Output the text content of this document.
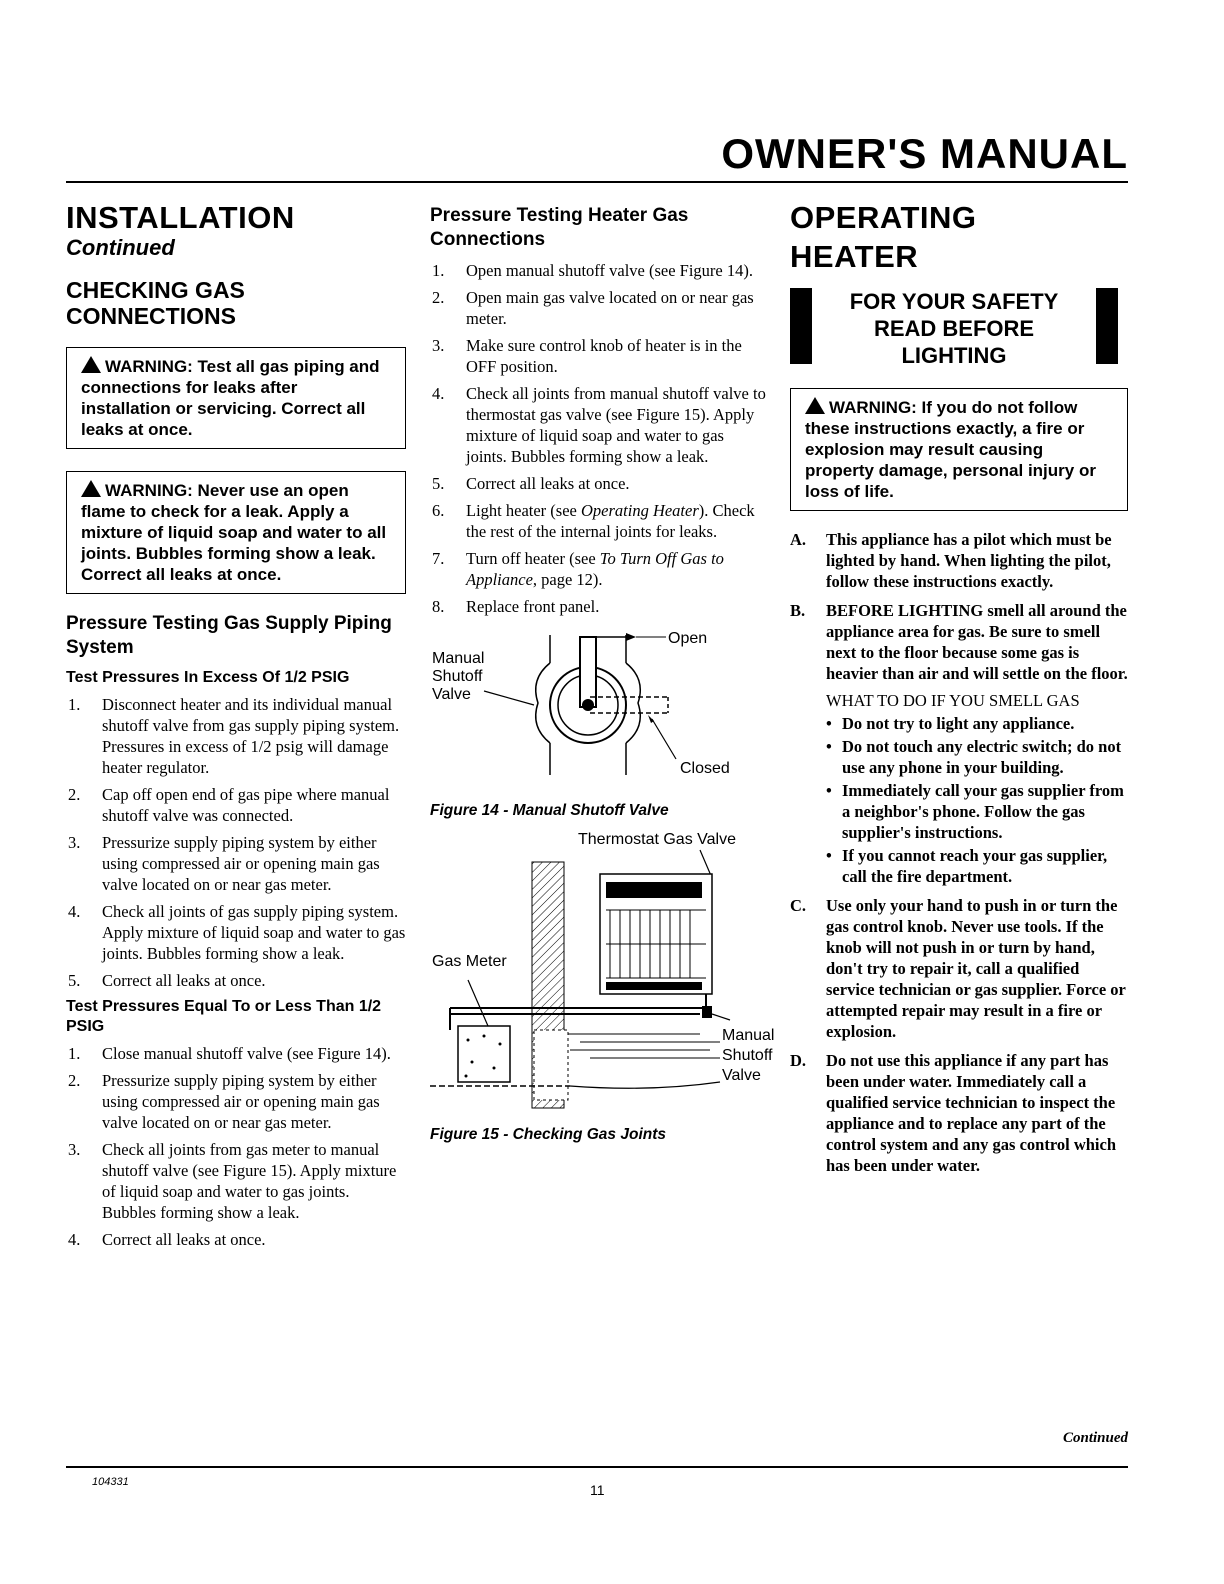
OWNER'S MANUAL
INSTALLATION
Continued
CHECKING GAS CONNECTIONS
WARNING: Test all gas piping and connections for leaks after installation or servicing. Correct all leaks at once.
WARNING: Never use an open flame to check for a leak. Apply a mixture of liquid soap and water to all joints. Bubbles forming show a leak. Correct all leaks at once.
Pressure Testing Gas Supply Piping System
Test Pressures In Excess Of 1/2 PSIG
1. Disconnect heater and its individual manual shutoff valve from gas supply piping system. Pressures in excess of 1/2 psig will damage heater regulator.
2. Cap off open end of gas pipe where manual shutoff valve was connected.
3. Pressurize supply piping system by either using compressed air or opening main gas valve located on or near gas meter.
4. Check all joints of gas supply piping system. Apply mixture of liquid soap and water to gas joints. Bubbles forming show a leak.
5. Correct all leaks at once.
Test Pressures Equal To or Less Than 1/2 PSIG
1. Close manual shutoff valve (see Figure 14).
2. Pressurize supply piping system by either using compressed air or opening main gas valve located on or near gas meter.
3. Check all joints from gas meter to manual shutoff valve (see Figure 15). Apply mixture of liquid soap and water to gas joints. Bubbles forming show a leak.
4. Correct all leaks at once.
Pressure Testing Heater Gas Connections
1. Open manual shutoff valve (see Figure 14).
2. Open main gas valve located on or near gas meter.
3. Make sure control knob of heater is in the OFF position.
4. Check all joints from manual shutoff valve to thermostat gas valve (see Figure 15). Apply mixture of liquid soap and water to gas joints. Bubbles forming show a leak.
5. Correct all leaks at once.
6. Light heater (see Operating Heater). Check the rest of the internal joints for leaks.
7. Turn off heater (see To Turn Off Gas to Appliance, page 12).
8. Replace front panel.
Open
Manual
Shutoff
Valve
Closed
Figure 14 - Manual Shutoff Valve
Thermostat Gas Valve
Gas Meter
Manual
Shutoff
Valve
Figure 15 - Checking Gas Joints
OPERATING
HEATER
FOR YOUR SAFETY
READ BEFORE
LIGHTING
WARNING: If you do not follow these instructions exactly, a fire or explosion may result causing property damage, personal injury or loss of life.
A. This appliance has a pilot which must be lighted by hand. When lighting the pilot, follow these instructions exactly.
B. BEFORE LIGHTING smell all around the appliance area for gas. Be sure to smell next to the floor because some gas is heavier than air and will settle on the floor.
WHAT TO DO IF YOU SMELL GAS
• Do not try to light any appliance.
• Do not touch any electric switch; do not use any phone in your building.
• Immediately call your gas supplier from a neighbor's phone. Follow the gas supplier's instructions.
• If you cannot reach your gas supplier, call the fire department.
C. Use only your hand to push in or turn the gas control knob. Never use tools. If the knob will not push in or turn by hand, don't try to repair it, call a qualified service technician or gas supplier. Force or attempted repair may result in a fire or explosion.
D. Do not use this appliance if any part has been under water. Immediately call a qualified service technician to inspect the appliance and to replace any part of the control system and any gas control which has been under water.
Continued
104331	11
